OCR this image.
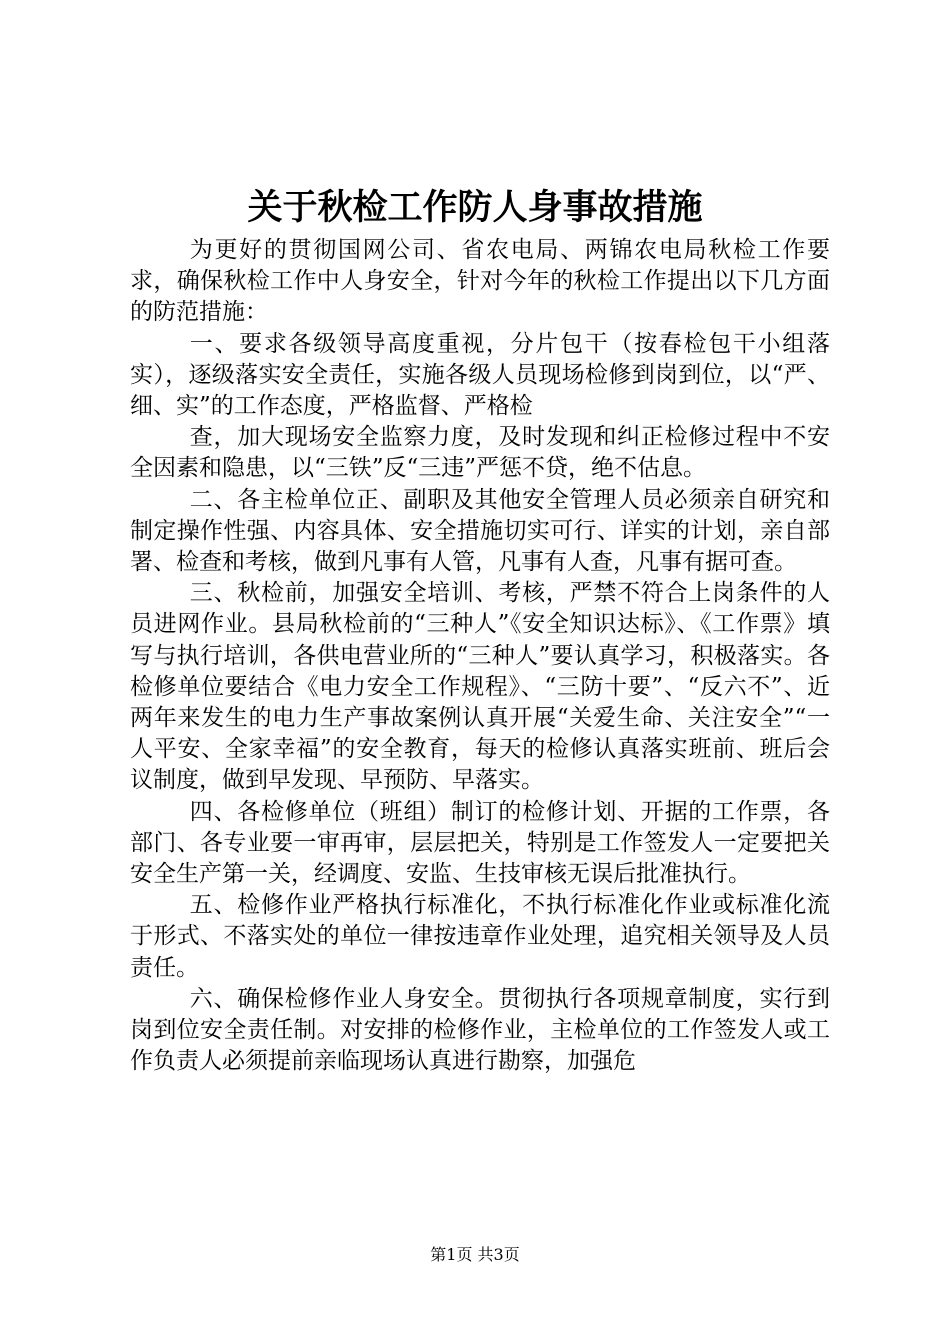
关于秋检工作防人身事故措施

为更好的贯彻国网公司、省农电局、两锦农电局秋检工作要求，确保秋检工作中人身安全，针对今年的秋检工作提出以下几方面的防范措施：

一、要求各级领导高度重视，分片包干（按春检包干小组落实），逐级落实安全责任，实施各级人员现场检修到岗到位，以“严、细、实”的工作态度，严格监督、严格检

查，加大现场安全监察力度，及时发现和纠正检修过程中不安全因素和隐患，以“三铁”反“三违”严惩不贷，绝不估息。

二、各主检单位正、副职及其他安全管理人员必须亲自研究和制定操作性强、内容具体、安全措施切实可行、详实的计划，亲自部署、检查和考核，做到凡事有人管，凡事有人查，凡事有据可查。

三、秋检前，加强安全培训、考核，严禁不符合上岗条件的人员进网作业。县局秋检前的“三种人”《安全知识达标》、《工作票》填写与执行培训，各供电营业所的“三种人”要认真学习，积极落实。各检修单位要结合《电力安全工作规程》、“三防十要”、“反六不”、近两年来发生的电力生产事故案例认真开展“关爱生命、关注安全”“一人平安、全家幸福”的安全教育，每天的检修认真落实班前、班后会议制度，做到早发现、早预防、早落实。

四、各检修单位（班组）制订的检修计划、开据的工作票，各部门、各专业要一审再审，层层把关，特别是工作签发人一定要把关安全生产第一关，经调度、安监、生技审核无误后批准执行。

五、检修作业严格执行标准化，不执行标准化作业或标准化流于形式、不落实处的单位一律按违章作业处理，追究相关领导及人员责任。

六、确保检修作业人身安全。贯彻执行各项规章制度，实行到岗到位安全责任制。对安排的检修作业，主检单位的工作签发人或工作负责人必须提前亲临现场认真进行勘察，加强危

第1页 共3页
